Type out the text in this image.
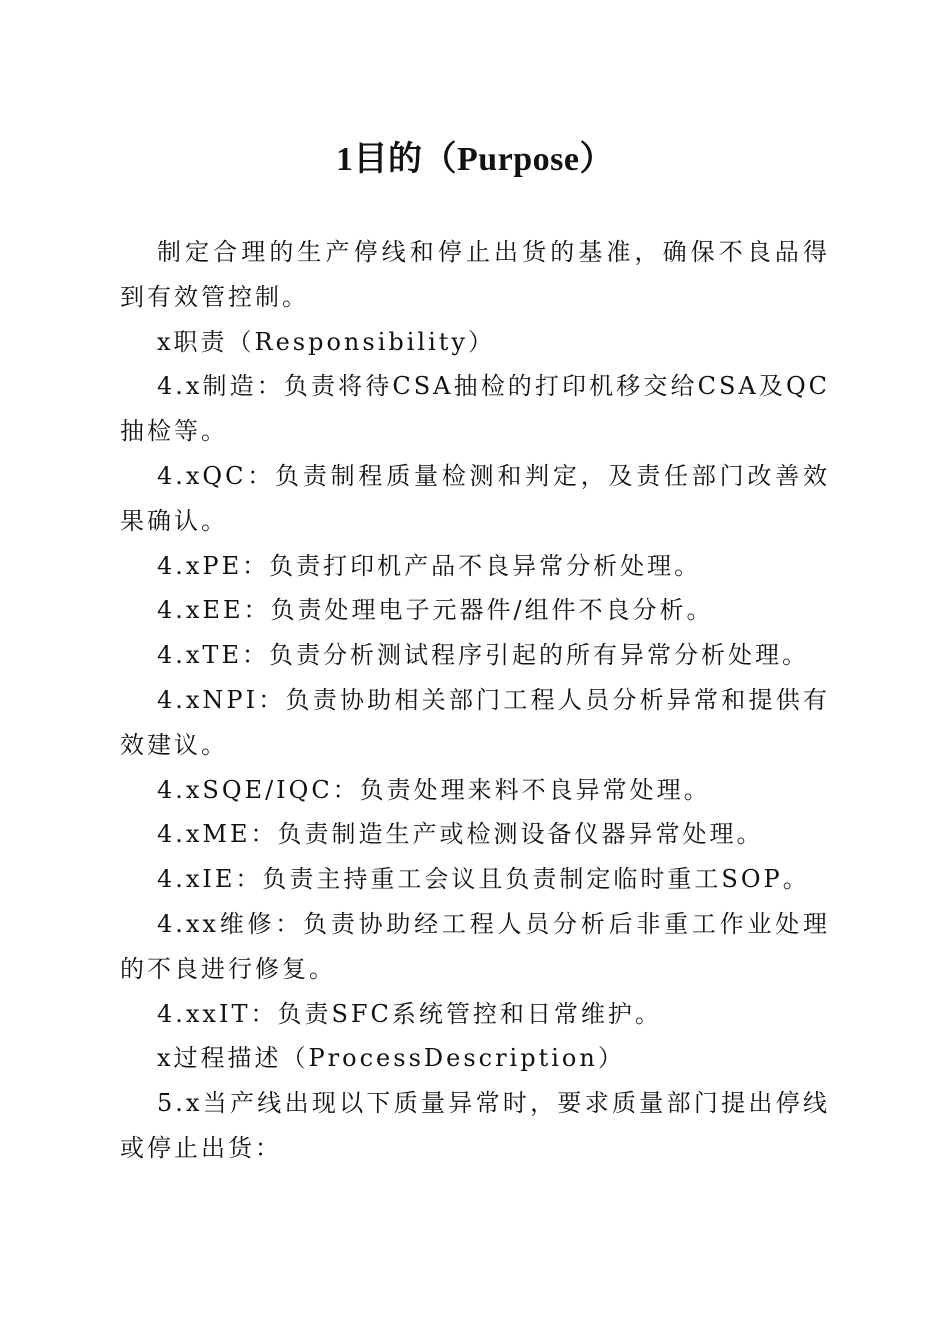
1目的（Purpose）

制定合理的生产停线和停止出货的基准，确保不良品得到有效管控制。

x职责（Responsibility）

4.x制造：负责将待CSA抽检的打印机移交给CSA及QC抽检等。

4.xQC：负责制程质量检测和判定，及责任部门改善效果确认。

4.xPE：负责打印机产品不良异常分析处理。

4.xEE：负责处理电子元器件/组件不良分析。

4.xTE：负责分析测试程序引起的所有异常分析处理。

4.xNPI：负责协助相关部门工程人员分析异常和提供有效建议。

4.xSQE/IQC：负责处理来料不良异常处理。

4.xME：负责制造生产或检测设备仪器异常处理。

4.xIE：负责主持重工会议且负责制定临时重工SOP。

4.xx维修：负责协助经工程人员分析后非重工作业处理的不良进行修复。

4.xxIT：负责SFC系统管控和日常维护。

x过程描述（ProcessDescription）

5.x当产线出现以下质量异常时，要求质量部门提出停线或停止出货：
